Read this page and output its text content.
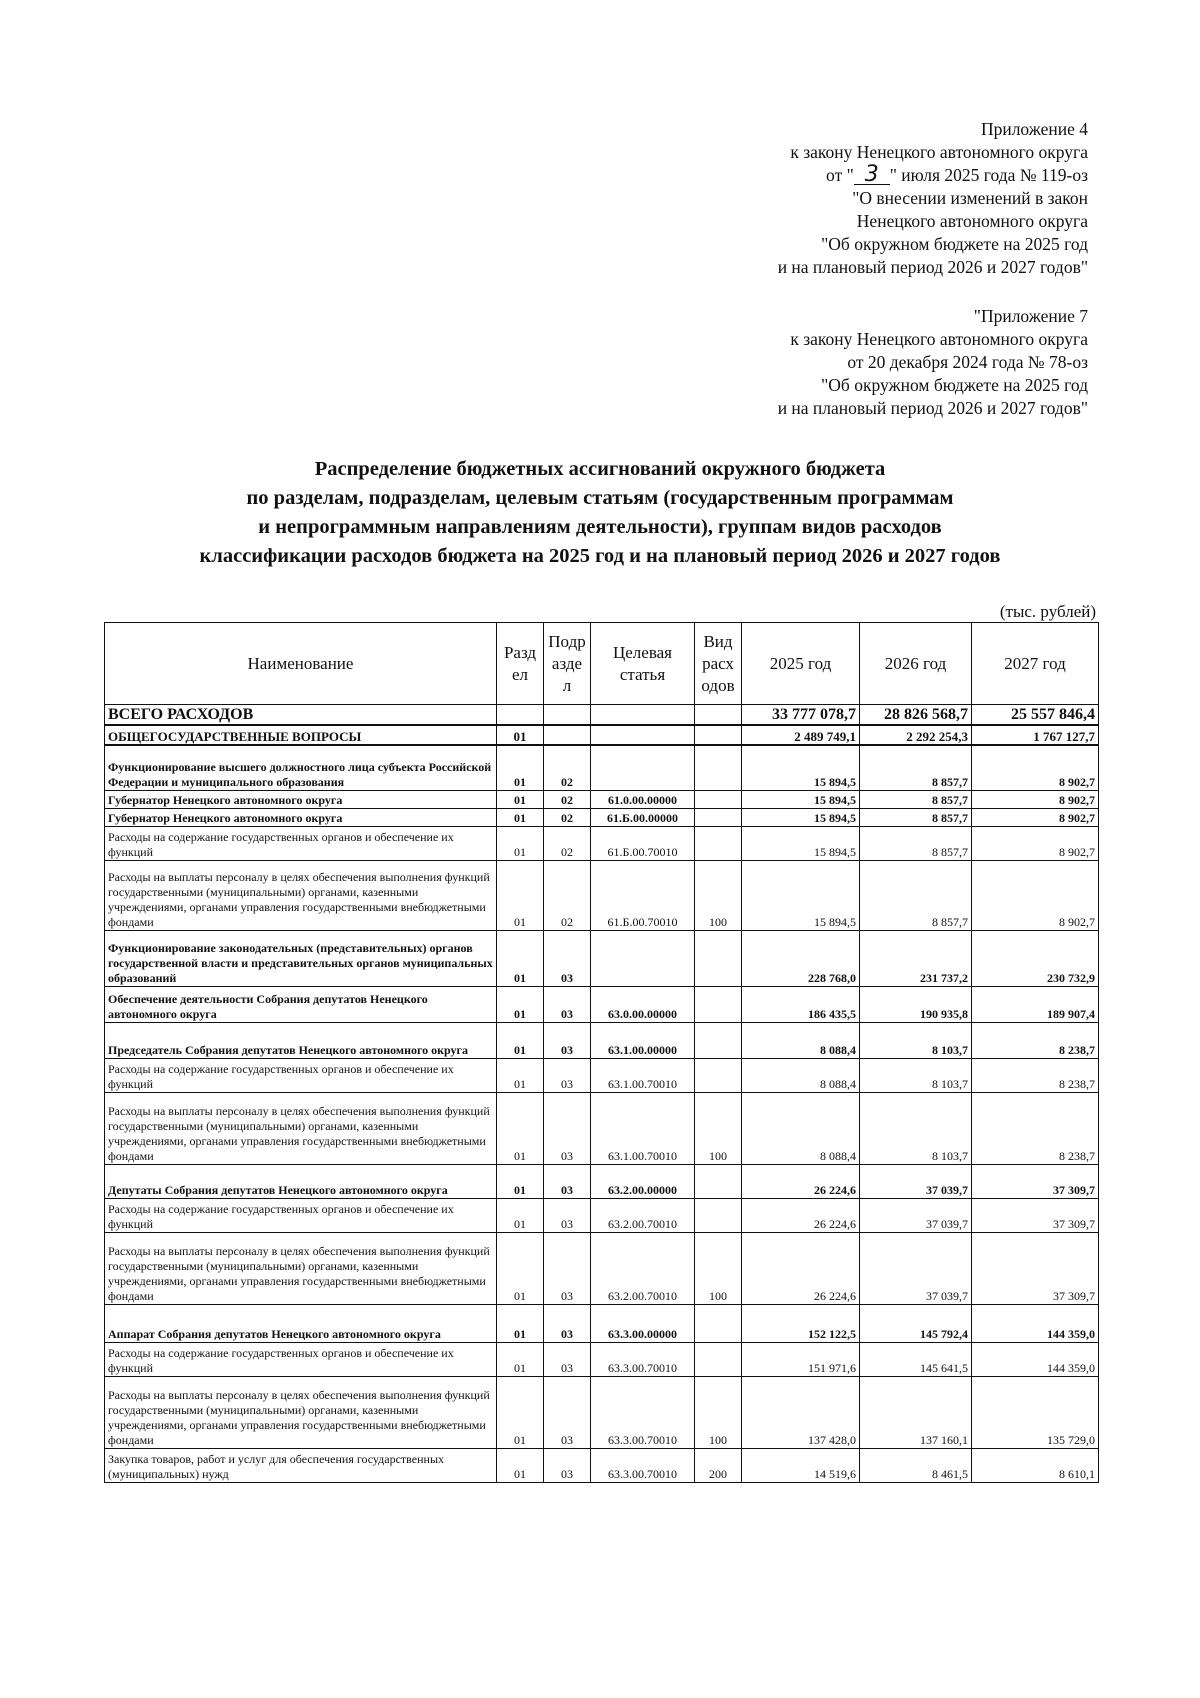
Приложение 4
к закону Ненецкого автономного округа
от " 3 " июля 2025 года № 119-оз
"О внесении изменений в закон
Ненецкого автономного округа
"Об окружном бюджете на 2025 год
и на плановый период 2026 и 2027 годов"
"Приложение 7
к закону Ненецкого автономного округа
от 20 декабря 2024 года № 78-оз
"Об окружном бюджете на 2025 год
и на плановый период 2026 и 2027 годов"
Распределение бюджетных ассигнований окружного бюджета
по разделам, подразделам, целевым статьям (государственным программам
и непрограммным направлениям деятельности), группам видов расходов
классификации расходов бюджета на 2025 год и на плановый период 2026 и 2027 годов
(тыс. рублей)
Наименование	Разд ел	Подр азде л	Целевая статья	Вид расх одов	2025 год	2026 год	2027 год
ВСЕГО РАСХОДОВ					33 777 078,7	28 826 568,7	25 557 846,4
ОБЩЕГОСУДАРСТВЕННЫЕ ВОПРОСЫ	01				2 489 749,1	2 292 254,3	1 767 127,7
Функционирование высшего должностного лица субъекта Российской Федерации и муниципального образования	01	02			15 894,5	8 857,7	8 902,7
Губернатор Ненецкого автономного округа	01	02	61.0.00.00000		15 894,5	8 857,7	8 902,7
Губернатор Ненецкого автономного округа	01	02	61.Б.00.00000		15 894,5	8 857,7	8 902,7
Расходы на содержание государственных органов и обеспечение их функций	01	02	61.Б.00.70010		15 894,5	8 857,7	8 902,7
Расходы на выплаты персоналу в целях обеспечения выполнения функций государственными (муниципальными) органами, казенными учреждениями, органами управления государственными внебюджетными фондами	01	02	61.Б.00.70010	100	15 894,5	8 857,7	8 902,7
Функционирование законодательных (представительных) органов государственной власти и представительных органов муниципальных образований	01	03			228 768,0	231 737,2	230 732,9
Обеспечение деятельности Собрания депутатов Ненецкого автономного округа	01	03	63.0.00.00000		186 435,5	190 935,8	189 907,4
Председатель Собрания депутатов Ненецкого автономного округа	01	03	63.1.00.00000		8 088,4	8 103,7	8 238,7
Расходы на содержание государственных органов и обеспечение их функций	01	03	63.1.00.70010		8 088,4	8 103,7	8 238,7
Расходы на выплаты персоналу в целях обеспечения выполнения функций государственными (муниципальными) органами, казенными учреждениями, органами управления государственными внебюджетными фондами	01	03	63.1.00.70010	100	8 088,4	8 103,7	8 238,7
Депутаты Собрания депутатов Ненецкого автономного округа	01	03	63.2.00.00000		26 224,6	37 039,7	37 309,7
Расходы на содержание государственных органов и обеспечение их функций	01	03	63.2.00.70010		26 224,6	37 039,7	37 309,7
Расходы на выплаты персоналу в целях обеспечения выполнения функций государственными (муниципальными) органами, казенными учреждениями, органами управления государственными внебюджетными фондами	01	03	63.2.00.70010	100	26 224,6	37 039,7	37 309,7
Аппарат Собрания депутатов Ненецкого автономного округа	01	03	63.3.00.00000		152 122,5	145 792,4	144 359,0
Расходы на содержание государственных органов и обеспечение их функций	01	03	63.3.00.70010		151 971,6	145 641,5	144 359,0
Расходы на выплаты персоналу в целях обеспечения выполнения функций государственными (муниципальными) органами, казенными учреждениями, органами управления государственными внебюджетными фондами	01	03	63.3.00.70010	100	137 428,0	137 160,1	135 729,0
Закупка товаров, работ и услуг для обеспечения государственных (муниципальных) нужд	01	03	63.3.00.70010	200	14 519,6	8 461,5	8 610,1
